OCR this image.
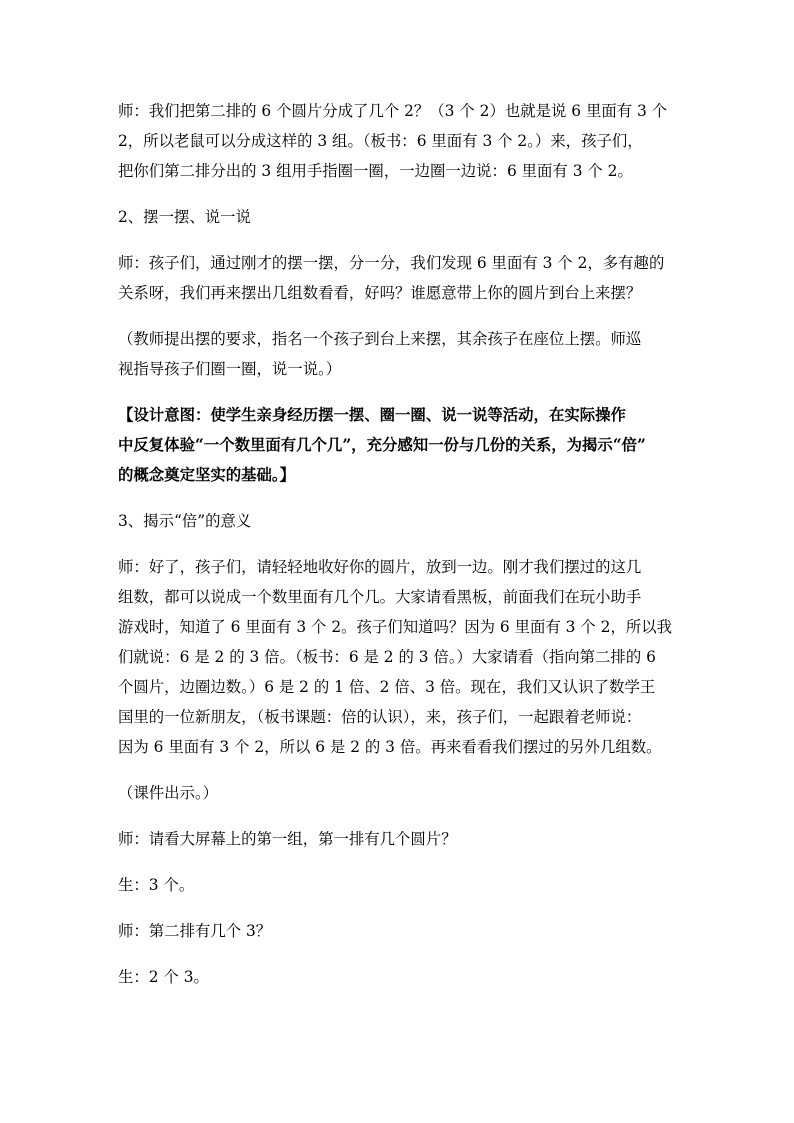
师：我们把第二排的 6 个圆片分成了几个 2？（3 个 2）也就是说 6 里面有 3 个
2，所以老鼠可以分成这样的 3 组。（板书：6 里面有 3 个 2。）来，孩子们，
把你们第二排分出的 3 组用手指圈一圈，一边圈一边说：6 里面有 3 个 2。

2、摆一摆、说一说

师：孩子们，通过刚才的摆一摆，分一分，我们发现 6 里面有 3 个 2，多有趣的
关系呀，我们再来摆出几组数看看，好吗？谁愿意带上你的圆片到台上来摆？

（教师提出摆的要求，指名一个孩子到台上来摆，其余孩子在座位上摆。师巡
视指导孩子们圈一圈，说一说。）

【设计意图：使学生亲身经历摆一摆、圈一圈、说一说等活动，在实际操作
中反复体验“一个数里面有几个几”，充分感知一份与几份的关系，为揭示“倍”
的概念奠定坚实的基础。】

3、揭示“倍”的意义

师：好了，孩子们，请轻轻地收好你的圆片，放到一边。刚才我们摆过的这几
组数，都可以说成一个数里面有几个几。大家请看黑板，前面我们在玩小助手
游戏时，知道了 6 里面有 3 个 2。孩子们知道吗？因为 6 里面有 3 个 2，所以我
们就说：6 是 2 的 3 倍。（板书：6 是 2 的 3 倍。）大家请看（指向第二排的 6
个圆片，边圈边数。）6 是 2 的 1 倍、2 倍、3 倍。现在，我们又认识了数学王
国里的一位新朋友，（板书课题：倍的认识），来，孩子们，一起跟着老师说：
因为 6 里面有 3 个 2，所以 6 是 2 的 3 倍。再来看看我们摆过的另外几组数。

（课件出示。）

师：请看大屏幕上的第一组，第一排有几个圆片？

生：3 个。

师：第二排有几个 3？

生：2 个 3。
